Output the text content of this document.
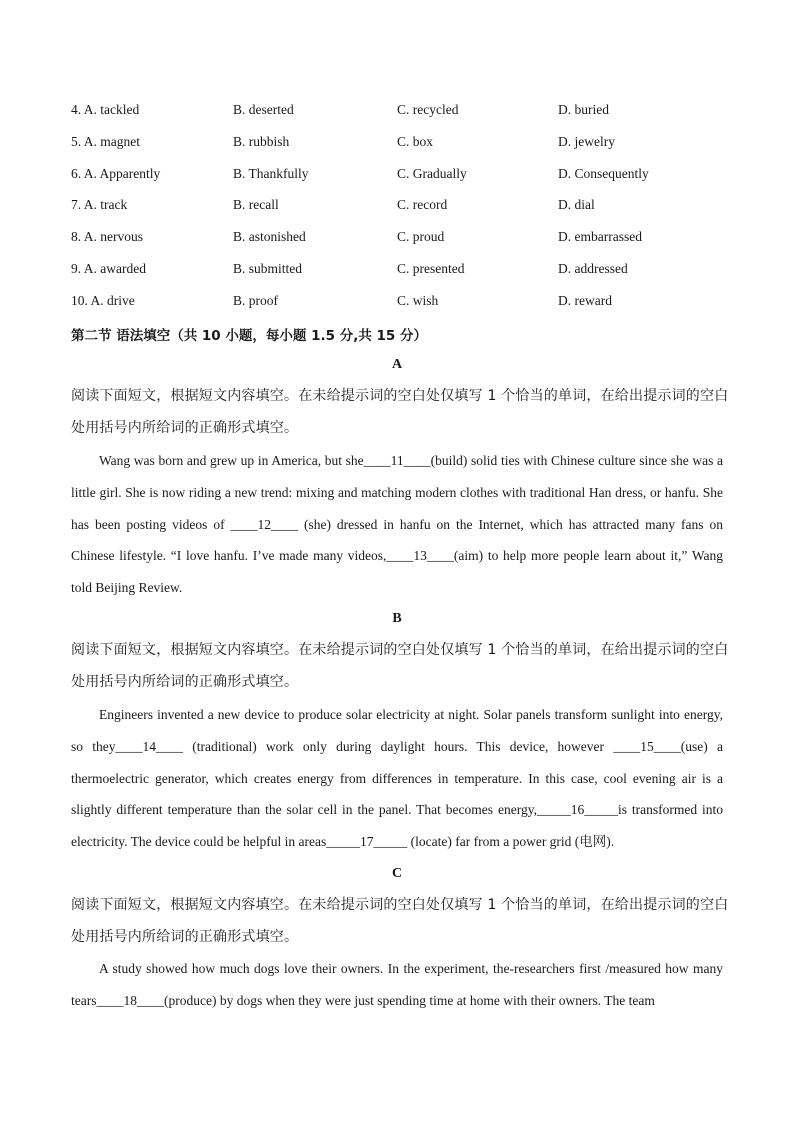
4. A. tackled	B. deserted	C. recycled	D. buried
5. A. magnet	B. rubbish	C. box	D. jewelry
6. A. Apparently	B. Thankfully	C. Gradually	D. Consequently
7. A. track	B. recall	C. record	D. dial
8. A. nervous	B. astonished	C. proud	D. embarrassed
9. A. awarded	B. submitted	C. presented	D. addressed
10. A. drive	B. proof	C. wish	D. reward
第二节 语法填空（共 10 小题，每小题 1.5 分,共 15 分）
A
阅读下面短文，根据短文内容填空。在未给提示词的空白处仅填写 1 个恰当的单词，在给出提示词的空白处用括号内所给词的正确形式填空。
Wang was born and grew up in America, but she____11____(build) solid ties with Chinese culture since she was a little girl. She is now riding a new trend: mixing and matching modern clothes with traditional Han dress, or hanfu. She has been posting videos of ____12____ (she) dressed in hanfu on the Internet, which has attracted many fans on Chinese lifestyle. “I love hanfu. I’ve made many videos,____13____(aim) to help more people learn about it,” Wang told Beijing Review.
B
阅读下面短文，根据短文内容填空。在未给提示词的空白处仅填写 1 个恰当的单词，在给出提示词的空白处用括号内所给词的正确形式填空。
Engineers invented a new device to produce solar electricity at night. Solar panels transform sunlight into energy, so they____14____ (traditional) work only during daylight hours. This device, however ____15____(use) a thermoelectric generator, which creates energy from differences in temperature. In this case, cool evening air is a slightly different temperature than the solar cell in the panel. That becomes energy,_____16_____is transformed into electricity. The device could be helpful in areas_____17_____ (locate) far from a power grid (电网).
C
阅读下面短文，根据短文内容填空。在未给提示词的空白处仅填写 1 个恰当的单词，在给出提示词的空白处用括号内所给词的正确形式填空。
A study showed how much dogs love their owners. In the experiment, the-researchers first /measured how many tears____18____(produce) by dogs when they were just spending time at home with their owners. The team
